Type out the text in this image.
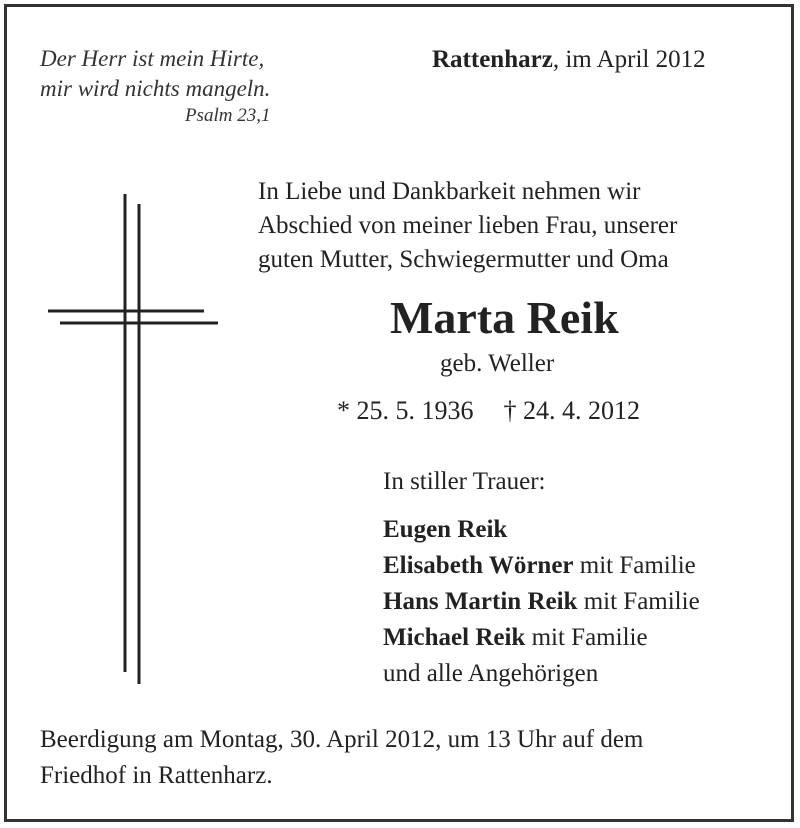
Der Herr ist mein Hirte,
mir wird nichts mangeln.
Psalm 23,1
Rattenharz, im April 2012
In Liebe und Dankbarkeit nehmen wir
Abschied von meiner lieben Frau, unserer
guten Mutter, Schwiegermutter und Oma
Marta Reik
geb. Weller
* 25. 5. 1936 † 24. 4. 2012
In stiller Trauer:
Eugen Reik
Elisabeth Wörner mit Familie
Hans Martin Reik mit Familie
Michael Reik mit Familie
und alle Angehörigen
Beerdigung am Montag, 30. April 2012, um 13 Uhr auf dem
Friedhof in Rattenharz.
